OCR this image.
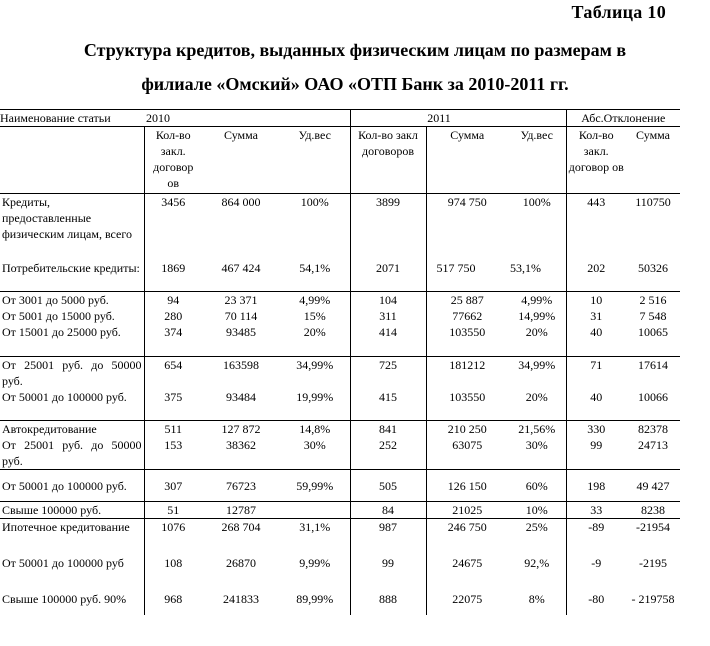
Таблица 10
Структура кредитов, выданных физическим лицам по размерам в
филиале «Омский» ОАО «ОТП Банк за 2010-2011 гг.
Наименование статьи	2010			2011			Абс.Отклонение	
	Кол-во закл. договор ов	Сумма	Уд.вес	Кол-во закл договоров	Сумма	Уд.вес	Кол-во закл. договор ов	Сумма
Кредиты, предоставленные физическим лицам, всего	3456	864 000	100%	3899	974 750	100%	443	110750
Потребительские кредиты:	1869	467 424	54,1%	2071	517 750	53,1%	202	50326
От 3001 до 5000 руб.	94	23 371	4,99%	104	25 887	4,99%	10	2 516
От 5001 до 15000 руб.	280	70 114	15%	311	77662	14,99%	31	7 548
От 15001 до 25000 руб.	374	93485	20%	414	103550	20%	40	10065
От 25001 руб. до 50000 руб.	654	163598	34,99%	725	181212	34,99%	71	17614
От 50001 до 100000 руб.	375	93484	19,99%	415	103550	20%	40	10066
Автокредитование	511	127 872	14,8%	841	210 250	21,56%	330	82378
От 25001 руб. до 50000 руб.	153	38362	30%	252	63075	30%	99	24713
От 50001 до 100000 руб.	307	76723	59,99%	505	126 150	60%	198	49 427
Свыше 100000 руб.	51	12787		84	21025	10%	33	8238
Ипотечное кредитование	1076	268 704	31,1%	987	246 750	25%	-89	-21954
От 50001 до 100000 руб	108	26870	9,99%	99	24675	92,%	-9	-2195
Свыше 100000 руб. 90%	968	241833	89,99%	888	22075	8%	-80	- 219758
